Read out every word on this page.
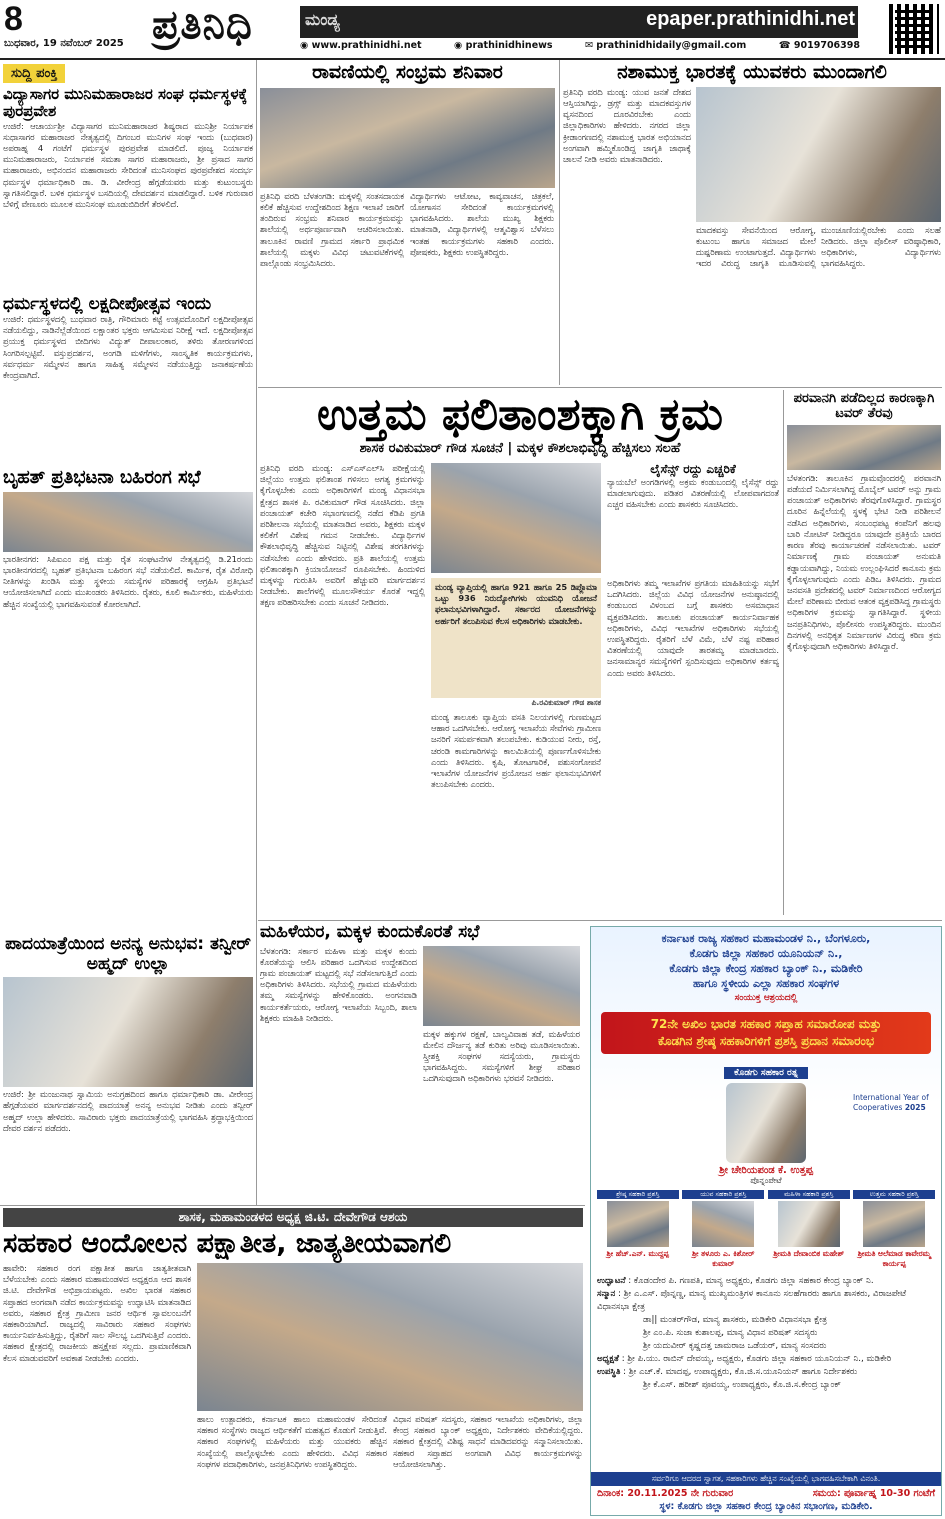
8
ಬುಧವಾರ, 19 ನವೆಂಬರ್ 2025 ಪ್ರತಿನಿಧಿ	ಮಂಡ್ಯ	epaper.prathinidhi.net
◉ www.prathinidhi.net	◉ prathinidhinews	✉ prathinidhidaily@gmail.com	☎ 9019706398
ಸುದ್ದಿ ಪಂಕ್ತಿ
ವಿದ್ಯಾಸಾಗರ ಮುನಿಮಹಾರಾಜರ ಸಂಘ ಧರ್ಮಸ್ಥಳಕ್ಕೆ ಪುರಪ್ರವೇಶ
ಉಜಿರೆ: ಆಚಾರ್ಯಶ್ರೀ ವಿದ್ಯಾಸಾಗರ ಮುನಿಮಹಾರಾಜರ ಶಿಷ್ಯರಾದ ಮುನಿಶ್ರೀ ನಿರ್ಯಾಪಕ ಸುಧಾಸಾಗರ ಮಹಾರಾಜರ ನೇತೃತ್ವದಲ್ಲಿ ದಿಗಂಬರ ಮುನಿಗಳ ಸಂಘ ಇಂದು (ಬುಧವಾರ) ಅಪರಾಹ್ನ 4 ಗಂಟೆಗೆ ಧರ್ಮಸ್ಥಳ ಪುರಪ್ರವೇಶ ಮಾಡಲಿದೆ. ಪೂಜ್ಯ ನಿರ್ಯಾಪಕ ಮುನಿಮಹಾರಾಜರು, ನಿರ್ಯಾಪಕ ಸಮತಾ ಸಾಗರ ಮಹಾರಾಜರು, ಶ್ರೀ ಪ್ರಸಾದ ಸಾಗರ ಮಹಾರಾಜರು, ಅಭಿನಂದನ ಮಹಾರಾಜರು ಸೇರಿದಂತೆ ಮುನಿಸಂಘದ ಪುರಪ್ರವೇಶದ ಸಂದರ್ಭ ಧರ್ಮಸ್ಥಳ ಧರ್ಮಾಧಿಕಾರಿ ಡಾ. ಡಿ. ವೀರೇಂದ್ರ ಹೆಗ್ಗಡೆಯವರು ಮತ್ತು ಕುಟುಂಬಸ್ಥರು ಸ್ವಾಗತಿಸಲಿದ್ದಾರೆ. ಬಳಿಕ ಧರ್ಮಸ್ಥಳ ಬಸದಿಯಲ್ಲಿ ದೇವದರ್ಶನ ಮಾಡಲಿದ್ದಾರೆ. ಬಳಿಕ ಗುರುವಾರ ಬೆಳಿಗ್ಗೆ ವೇಣೂರು ಮೂಲಕ ಮುನಿಸಂಘ ಮೂಡುಬಿದಿರೆಗೆ ತೆರಳಲಿದೆ.
ಧರ್ಮಸ್ಥಳದಲ್ಲಿ ಲಕ್ಷದೀಪೋತ್ಸವ ಇಂದು
ಉಜಿರೆ: ಧರ್ಮಸ್ಥಳದಲ್ಲಿ ಬುಧವಾರ ರಾತ್ರಿ, ಗೌರಿಮಾರು ಕಟ್ಟೆ ಉತ್ಸವದೊಂದಿಗೆ ಲಕ್ಷದೀಪೋತ್ಸವ ನಡೆಯಲಿದ್ದು, ನಾಡಿನೆಲ್ಲೆಡೆಯಿಂದ ಲಕ್ಷಾಂತರ ಭಕ್ತರು ಆಗಮಿಸುವ ನಿರೀಕ್ಷೆ ಇದೆ. ಲಕ್ಷದೀಪೋತ್ಸವ ಪ್ರಯುಕ್ತ ಧರ್ಮಸ್ಥಳದ ಬೀದಿಗಳು ವಿದ್ಯುತ್ ದೀಪಾಲಂಕಾರ, ತಳಿರು ತೋರಣಗಳಿಂದ ಸಿಂಗರಿಸಲ್ಪಟ್ಟಿವೆ. ವಸ್ತುಪ್ರದರ್ಶನ, ಅಂಗಡಿ ಮಳಿಗೆಗಳು, ಸಾಂಸ್ಕೃತಿಕ ಕಾರ್ಯಕ್ರಮಗಳು, ಸರ್ವಧರ್ಮ ಸಮ್ಮೇಳನ ಹಾಗೂ ಸಾಹಿತ್ಯ ಸಮ್ಮೇಳನ ನಡೆಯುತ್ತಿದ್ದು ಜನಾಕರ್ಷಣೆಯ ಕೇಂದ್ರವಾಗಿದೆ.
ಬೃಹತ್ ಪ್ರತಿಭಟನಾ ಬಹಿರಂಗ ಸಭೆ
ಭಾರತೀನಗರ: ಸಿಪಿಐಎಂ ಪಕ್ಷ ಮತ್ತು ರೈತ ಸಂಘಟನೆಗಳ ನೇತೃತ್ವದಲ್ಲಿ ಡಿ.21ರಂದು ಭಾರತೀನಗರದಲ್ಲಿ ಬೃಹತ್ ಪ್ರತಿಭಟನಾ ಬಹಿರಂಗ ಸಭೆ ನಡೆಯಲಿದೆ. ಕಾರ್ಮಿಕ, ರೈತ ವಿರೋಧಿ ನೀತಿಗಳನ್ನು ಖಂಡಿಸಿ ಮತ್ತು ಸ್ಥಳೀಯ ಸಮಸ್ಯೆಗಳ ಪರಿಹಾರಕ್ಕೆ ಆಗ್ರಹಿಸಿ ಪ್ರತಿಭಟನೆ ಆಯೋಜಿಸಲಾಗಿದೆ ಎಂದು ಮುಖಂಡರು ತಿಳಿಸಿದರು. ರೈತರು, ಕೂಲಿ ಕಾರ್ಮಿಕರು, ಮಹಿಳೆಯರು ಹೆಚ್ಚಿನ ಸಂಖ್ಯೆಯಲ್ಲಿ ಭಾಗವಹಿಸುವಂತೆ ಕೋರಲಾಗಿದೆ.
ಪಾದಯಾತ್ರೆಯಿಂದ ಅನನ್ಯ ಅನುಭವ: ತನ್ವೀರ್ ಅಹ್ಮದ್ ಉಲ್ಲಾ
ಉಜಿರೆ: ಶ್ರೀ ಮಂಜುನಾಥ ಸ್ವಾಮಿಯ ಅನುಗ್ರಹದಿಂದ ಹಾಗೂ ಧರ್ಮಾಧಿಕಾರಿ ಡಾ. ವೀರೇಂದ್ರ ಹೆಗ್ಗಡೆಯವರ ಮಾರ್ಗದರ್ಶನದಲ್ಲಿ ಪಾದಯಾತ್ರೆ ಅನನ್ಯ ಅನುಭವ ನೀಡಿತು ಎಂದು ತನ್ವೀರ್ ಅಹ್ಮದ್ ಉಲ್ಲಾ ಹೇಳಿದರು. ಸಾವಿರಾರು ಭಕ್ತರು ಪಾದಯಾತ್ರೆಯಲ್ಲಿ ಭಾಗವಹಿಸಿ ಶ್ರದ್ಧಾಭಕ್ತಿಯಿಂದ ದೇವರ ದರ್ಶನ ಪಡೆದರು.
ರಾವಣಿಯಲ್ಲಿ ಸಂಭ್ರಮ ಶನಿವಾರ
ಪ್ರತಿನಿಧಿ ವರದಿ ಬೆಳತಂಗಡಿ: ಮಕ್ಕಳಲ್ಲಿ ಸಂತಸದಾಯಕ ಕಲಿಕೆ ಹೆಚ್ಚಿಸುವ ಉದ್ದೇಶದಿಂದ ಶಿಕ್ಷಣ ಇಲಾಖೆ ಜಾರಿಗೆ ತಂದಿರುವ ಸಂಭ್ರಮ ಶನಿವಾರ ಕಾರ್ಯಕ್ರಮವನ್ನು ಶಾಲೆಯಲ್ಲಿ ಅರ್ಥಪೂರ್ಣವಾಗಿ ಆಚರಿಸಲಾಯಿತು. ತಾಲೂಕಿನ ರಾವಣಿ ಗ್ರಾಮದ ಸರ್ಕಾರಿ ಪ್ರಾಥಮಿಕ ಶಾಲೆಯಲ್ಲಿ ಮಕ್ಕಳು ವಿವಿಧ ಚಟುವಟಿಕೆಗಳಲ್ಲಿ ಪಾಲ್ಗೊಂಡು ಸಂಭ್ರಮಿಸಿದರು.
ವಿದ್ಯಾರ್ಥಿಗಳು ಆಟೋಟ, ಕಾವ್ಯವಾಚನ, ಚಿತ್ರಕಲೆ, ಯೋಗಾಸನ ಸೇರಿದಂತೆ ಕಾರ್ಯಕ್ರಮಗಳಲ್ಲಿ ಭಾಗವಹಿಸಿದರು. ಶಾಲೆಯ ಮುಖ್ಯ ಶಿಕ್ಷಕರು ಮಾತನಾಡಿ, ವಿದ್ಯಾರ್ಥಿಗಳಲ್ಲಿ ಆತ್ಮವಿಶ್ವಾಸ ಬೆಳೆಸಲು ಇಂತಹ ಕಾರ್ಯಕ್ರಮಗಳು ಸಹಕಾರಿ ಎಂದರು. ಪೋಷಕರು, ಶಿಕ್ಷಕರು ಉಪಸ್ಥಿತರಿದ್ದರು.
ನಶಾಮುಕ್ತ ಭಾರತಕ್ಕೆ ಯುವಕರು ಮುಂದಾಗಲಿ
ಪ್ರತಿನಿಧಿ ವರದಿ ಮಂಡ್ಯ: ಯುವ ಜನತೆ ದೇಶದ ಆಸ್ತಿಯಾಗಿದ್ದು, ಡ್ರಗ್ಸ್ ಮತ್ತು ಮಾದಕವಸ್ತುಗಳ ವ್ಯಸನದಿಂದ ದೂರವಿರಬೇಕು ಎಂದು ಜಿಲ್ಲಾಧಿಕಾರಿಗಳು ಹೇಳಿದರು. ನಗರದ ಜಿಲ್ಲಾ ಕ್ರೀಡಾಂಗಣದಲ್ಲಿ ನಶಾಮುಕ್ತ ಭಾರತ ಅಭಿಯಾನದ ಅಂಗವಾಗಿ ಹಮ್ಮಿಕೊಂಡಿದ್ದ ಜಾಗೃತಿ ಜಾಥಾಕ್ಕೆ ಚಾಲನೆ ನೀಡಿ ಅವರು ಮಾತನಾಡಿದರು.
ಮಾದಕವಸ್ತು ಸೇವನೆಯಿಂದ ಆರೋಗ್ಯ, ಕುಟುಂಬ ಹಾಗೂ ಸಮಾಜದ ಮೇಲೆ ದುಷ್ಪರಿಣಾಮ ಉಂಟಾಗುತ್ತದೆ. ವಿದ್ಯಾರ್ಥಿಗಳು ಇದರ ವಿರುದ್ಧ ಜಾಗೃತಿ ಮೂಡಿಸುವಲ್ಲಿ ಮುಂಚೂಣಿಯಲ್ಲಿರಬೇಕು ಎಂದು ಸಲಹೆ ನೀಡಿದರು. ಜಿಲ್ಲಾ ಪೊಲೀಸ್ ವರಿಷ್ಠಾಧಿಕಾರಿ, ಅಧಿಕಾರಿಗಳು, ವಿದ್ಯಾರ್ಥಿಗಳು ಭಾಗವಹಿಸಿದ್ದರು.
ಉತ್ತಮ ಫಲಿತಾಂಶಕ್ಕಾಗಿ ಕ್ರಮ
ಶಾಸಕ ರವಿಕುಮಾರ್ ಗೌಡ ಸೂಚನೆ | ಮಕ್ಕಳ ಕೌಶಲಾಭಿವೃದ್ಧಿ ಹೆಚ್ಚಿಸಲು ಸಲಹೆ
ಪ್ರತಿನಿಧಿ ವರದಿ ಮಂಡ್ಯ: ಎಸ್ಎಸ್ಎಲ್‌ಸಿ ಪರೀಕ್ಷೆಯಲ್ಲಿ ಜಿಲ್ಲೆಯು ಉತ್ತಮ ಫಲಿತಾಂಶ ಗಳಿಸಲು ಅಗತ್ಯ ಕ್ರಮಗಳನ್ನು ಕೈಗೊಳ್ಳಬೇಕು ಎಂದು ಅಧಿಕಾರಿಗಳಿಗೆ ಮಂಡ್ಯ ವಿಧಾನಸಭಾ ಕ್ಷೇತ್ರದ ಶಾಸಕ ಪಿ. ರವಿಕುಮಾರ್ ಗೌಡ ಸೂಚಿಸಿದರು. ಜಿಲ್ಲಾ ಪಂಚಾಯತ್ ಕಚೇರಿ ಸಭಾಂಗಣದಲ್ಲಿ ನಡೆದ ಕೆಡಿಪಿ ಪ್ರಗತಿ ಪರಿಶೀಲನಾ ಸಭೆಯಲ್ಲಿ ಮಾತನಾಡಿದ ಅವರು, ಶಿಕ್ಷಕರು ಮಕ್ಕಳ ಕಲಿಕೆಗೆ ವಿಶೇಷ ಗಮನ ನೀಡಬೇಕು. ವಿದ್ಯಾರ್ಥಿಗಳ ಕೌಶಲಾಭಿವೃದ್ಧಿ ಹೆಚ್ಚಿಸುವ ನಿಟ್ಟಿನಲ್ಲಿ ವಿಶೇಷ ತರಗತಿಗಳನ್ನು ನಡೆಸಬೇಕು ಎಂದು ಹೇಳಿದರು. ಪ್ರತಿ ಶಾಲೆಯಲ್ಲಿ ಉತ್ತಮ ಫಲಿತಾಂಶಕ್ಕಾಗಿ ಕ್ರಿಯಾಯೋಜನೆ ರೂಪಿಸಬೇಕು. ಹಿಂದುಳಿದ ಮಕ್ಕಳನ್ನು ಗುರುತಿಸಿ ಅವರಿಗೆ ಹೆಚ್ಚುವರಿ ಮಾರ್ಗದರ್ಶನ ನೀಡಬೇಕು. ಶಾಲೆಗಳಲ್ಲಿ ಮೂಲಸೌಕರ್ಯ ಕೊರತೆ ಇದ್ದಲ್ಲಿ ತಕ್ಷಣ ಪರಿಹರಿಸಬೇಕು ಎಂದು ಸೂಚನೆ ನೀಡಿದರು.
ಲೈಸೆನ್ಸ್ ರದ್ದು ಎಚ್ಚರಿಕೆ
ನ್ಯಾಯಬೆಲೆ ಅಂಗಡಿಗಳಲ್ಲಿ ಅಕ್ರಮ ಕಂಡುಬಂದಲ್ಲಿ ಲೈಸೆನ್ಸ್ ರದ್ದು ಮಾಡಲಾಗುವುದು. ಪಡಿತರ ವಿತರಣೆಯಲ್ಲಿ ಲೋಪವಾಗದಂತೆ ಎಚ್ಚರ ವಹಿಸಬೇಕು ಎಂದು ಶಾಸಕರು ಸೂಚಿಸಿದರು.
ಮಂಡ್ಯ ವ್ಯಾಪ್ತಿಯಲ್ಲಿ ಹಾಗೂ 921 ಹಾಗೂ 25 ಡಿಪ್ಲೊಮಾ ಒಟ್ಟು 936 ನಿರುದ್ಯೋಗಿಗಳು ಯುವನಿಧಿ ಯೋಜನೆ ಫಲಾನುಭವಿಗಳಾಗಿದ್ದಾರೆ. ಸರ್ಕಾರದ ಯೋಜನೆಗಳನ್ನು ಅರ್ಹರಿಗೆ ತಲುಪಿಸುವ ಕೆಲಸ ಅಧಿಕಾರಿಗಳು ಮಾಡಬೇಕು.
ಪಿ.ರವಿಕುಮಾರ್ ಗೌಡ ಶಾಸಕ
ಮಂಡ್ಯ ತಾಲೂಕು ವ್ಯಾಪ್ತಿಯ ವಸತಿ ನಿಲಯಗಳಲ್ಲಿ ಗುಣಮಟ್ಟದ ಆಹಾರ ಒದಗಿಸಬೇಕು. ಆರೋಗ್ಯ ಇಲಾಖೆಯ ಸೇವೆಗಳು ಗ್ರಾಮೀಣ ಜನರಿಗೆ ಸಮರ್ಪಕವಾಗಿ ತಲುಪಬೇಕು. ಕುಡಿಯುವ ನೀರು, ರಸ್ತೆ, ಚರಂಡಿ ಕಾಮಗಾರಿಗಳನ್ನು ಕಾಲಮಿತಿಯಲ್ಲಿ ಪೂರ್ಣಗೊಳಿಸಬೇಕು ಎಂದು ತಿಳಿಸಿದರು. ಕೃಷಿ, ತೋಟಗಾರಿಕೆ, ಪಶುಸಂಗೋಪನೆ ಇಲಾಖೆಗಳ ಯೋಜನೆಗಳ ಪ್ರಯೋಜನ ಅರ್ಹ ಫಲಾನುಭವಿಗಳಿಗೆ ತಲುಪಿಸಬೇಕು ಎಂದರು.
ಅಧಿಕಾರಿಗಳು ತಮ್ಮ ಇಲಾಖೆಗಳ ಪ್ರಗತಿಯ ಮಾಹಿತಿಯನ್ನು ಸಭೆಗೆ ಒದಗಿಸಿದರು. ಜಿಲ್ಲೆಯ ವಿವಿಧ ಯೋಜನೆಗಳ ಅನುಷ್ಠಾನದಲ್ಲಿ ಕಂಡುಬಂದ ವಿಳಂಬದ ಬಗ್ಗೆ ಶಾಸಕರು ಅಸಮಾಧಾನ ವ್ಯಕ್ತಪಡಿಸಿದರು. ತಾಲೂಕು ಪಂಚಾಯತ್ ಕಾರ್ಯನಿರ್ವಾಹಕ ಅಧಿಕಾರಿಗಳು, ವಿವಿಧ ಇಲಾಖೆಗಳ ಅಧಿಕಾರಿಗಳು ಸಭೆಯಲ್ಲಿ ಉಪಸ್ಥಿತರಿದ್ದರು. ರೈತರಿಗೆ ಬೆಳೆ ವಿಮೆ, ಬೆಳೆ ನಷ್ಟ ಪರಿಹಾರ ವಿತರಣೆಯಲ್ಲಿ ಯಾವುದೇ ತಾರತಮ್ಯ ಮಾಡಬಾರದು. ಜನಸಾಮಾನ್ಯರ ಸಮಸ್ಯೆಗಳಿಗೆ ಸ್ಪಂದಿಸುವುದು ಅಧಿಕಾರಿಗಳ ಕರ್ತವ್ಯ ಎಂದು ಅವರು ತಿಳಿಸಿದರು.
ಪರವಾನಗಿ ಪಡೆದಿಲ್ಲದ ಕಾರಣಕ್ಕಾಗಿ ಟವರ್ ತೆರವು
ಬೆಳತಂಗಡಿ: ತಾಲೂಕಿನ ಗ್ರಾಮವೊಂದರಲ್ಲಿ ಪರವಾನಗಿ ಪಡೆಯದೆ ನಿರ್ಮಿಸಲಾಗಿದ್ದ ಮೊಬೈಲ್ ಟವರ್ ಅನ್ನು ಗ್ರಾಮ ಪಂಚಾಯತ್ ಅಧಿಕಾರಿಗಳು ತೆರವುಗೊಳಿಸಿದ್ದಾರೆ. ಗ್ರಾಮಸ್ಥರ ದೂರಿನ ಹಿನ್ನೆಲೆಯಲ್ಲಿ ಸ್ಥಳಕ್ಕೆ ಭೇಟಿ ನೀಡಿ ಪರಿಶೀಲನೆ ನಡೆಸಿದ ಅಧಿಕಾರಿಗಳು, ಸಂಬಂಧಪಟ್ಟ ಕಂಪೆನಿಗೆ ಹಲವು ಬಾರಿ ನೋಟಿಸ್ ನೀಡಿದ್ದರೂ ಯಾವುದೇ ಪ್ರತಿಕ್ರಿಯೆ ಬಾರದ ಕಾರಣ ತೆರವು ಕಾರ್ಯಾಚರಣೆ ನಡೆಸಲಾಯಿತು. ಟವರ್ ನಿರ್ಮಾಣಕ್ಕೆ ಗ್ರಾಮ ಪಂಚಾಯತ್ ಅನುಮತಿ ಕಡ್ಡಾಯವಾಗಿದ್ದು, ನಿಯಮ ಉಲ್ಲಂಘಿಸಿದರೆ ಕಾನೂನು ಕ್ರಮ ಕೈಗೊಳ್ಳಲಾಗುವುದು ಎಂದು ಪಿಡಿಒ ತಿಳಿಸಿದರು. ಗ್ರಾಮದ ಜನವಸತಿ ಪ್ರದೇಶದಲ್ಲಿ ಟವರ್ ನಿರ್ಮಾಣದಿಂದ ಆರೋಗ್ಯದ ಮೇಲೆ ಪರಿಣಾಮ ಬೀರುವ ಆತಂಕ ವ್ಯಕ್ತಪಡಿಸಿದ್ದ ಗ್ರಾಮಸ್ಥರು ಅಧಿಕಾರಿಗಳ ಕ್ರಮವನ್ನು ಸ್ವಾಗತಿಸಿದ್ದಾರೆ. ಸ್ಥಳೀಯ ಜನಪ್ರತಿನಿಧಿಗಳು, ಪೊಲೀಸರು ಉಪಸ್ಥಿತರಿದ್ದರು. ಮುಂದಿನ ದಿನಗಳಲ್ಲಿ ಅನಧಿಕೃತ ನಿರ್ಮಾಣಗಳ ವಿರುದ್ಧ ಕಠಿಣ ಕ್ರಮ ಕೈಗೊಳ್ಳುವುದಾಗಿ ಅಧಿಕಾರಿಗಳು ತಿಳಿಸಿದ್ದಾರೆ.
ಮಹಿಳೆಯರ, ಮಕ್ಕಳ ಕುಂದುಕೊರತೆ ಸಭೆ
ಬೆಳತಂಗಡಿ: ಸರ್ಕಾರ ಮಹಿಳಾ ಮತ್ತು ಮಕ್ಕಳ ಕುಂದು ಕೊರತೆಯನ್ನು ಆಲಿಸಿ ಪರಿಹಾರ ಒದಗಿಸುವ ಉದ್ದೇಶದಿಂದ ಗ್ರಾಮ ಪಂಚಾಯತ್ ಮಟ್ಟದಲ್ಲಿ ಸಭೆ ನಡೆಸಲಾಗುತ್ತಿದೆ ಎಂದು ಅಧಿಕಾರಿಗಳು ತಿಳಿಸಿದರು. ಸಭೆಯಲ್ಲಿ ಗ್ರಾಮದ ಮಹಿಳೆಯರು ತಮ್ಮ ಸಮಸ್ಯೆಗಳನ್ನು ಹೇಳಿಕೊಂಡರು. ಅಂಗನವಾಡಿ ಕಾರ್ಯಕರ್ತೆಯರು, ಆರೋಗ್ಯ ಇಲಾಖೆಯ ಸಿಬ್ಬಂದಿ, ಶಾಲಾ ಶಿಕ್ಷಕರು ಮಾಹಿತಿ ನೀಡಿದರು.
ಮಕ್ಕಳ ಹಕ್ಕುಗಳ ರಕ್ಷಣೆ, ಬಾಲ್ಯವಿವಾಹ ತಡೆ, ಮಹಿಳೆಯರ ಮೇಲಿನ ದೌರ್ಜನ್ಯ ತಡೆ ಕುರಿತು ಅರಿವು ಮೂಡಿಸಲಾಯಿತು. ಸ್ತ್ರೀಶಕ್ತಿ ಸಂಘಗಳ ಸದಸ್ಯೆಯರು, ಗ್ರಾಮಸ್ಥರು ಭಾಗವಹಿಸಿದ್ದರು. ಸಮಸ್ಯೆಗಳಿಗೆ ಶೀಘ್ರ ಪರಿಹಾರ ಒದಗಿಸುವುದಾಗಿ ಅಧಿಕಾರಿಗಳು ಭರವಸೆ ನೀಡಿದರು.
ಕರ್ನಾಟಕ ರಾಜ್ಯ ಸಹಕಾರ ಮಹಾಮಂಡಳ ನಿ., ಬೆಂಗಳೂರು,
ಕೊಡಗು ಜಿಲ್ಲಾ ಸಹಕಾರ ಯೂನಿಯನ್ ನಿ.,
ಕೊಡಗು ಜಿಲ್ಲಾ ಕೇಂದ್ರ ಸಹಕಾರ ಬ್ಯಾಂಕ್ ನಿ., ಮಡಿಕೇರಿ
ಹಾಗೂ ಸ್ಥಳೀಯ ಎಲ್ಲಾ ಸಹಕಾರ ಸಂಘಗಳ
ಸಂಯುಕ್ತ ಆಶ್ರಯದಲ್ಲಿ
72ನೇ ಅಖಿಲ ಭಾರತ ಸಹಕಾರ ಸಪ್ತಾಹ ಸಮಾರೋಪ ಮತ್ತು
ಕೊಡಗಿನ ಶ್ರೇಷ್ಠ ಸಹಕಾರಿಗಳಿಗೆ ಪ್ರಶಸ್ತಿ ಪ್ರದಾನ ಸಮಾರಂಭ
ಕೊಡಗು ಸಹಕಾರ ರತ್ನ
International Year of Cooperatives 2025
ಶ್ರೀ ಚೇರಿಯಪಂಡ ಕೆ. ಉತ್ತಪ್ಪ
ಪೊನ್ನಂಪೇಟೆ
ಶ್ರೇಷ್ಠ ಸಹಕಾರಿ ಪ್ರಶಸ್ತಿ
ಶ್ರೀ ಹೆಚ್.ಎನ್. ಮುದ್ದಪ್ಪ
ಯುವ ಸಹಕಾರಿ ಪ್ರಶಸ್ತಿ
ಶ್ರೀ ತಳೂರು ಎ. ಕಿಶೋರ್ ಕುಮಾರ್
ಮಹಿಳಾ ಸಹಕಾರಿ ಪ್ರಶಸ್ತಿ
ಶ್ರೀಮತಿ ದೇವಾಂಬಿಕ ಮಹೇಶ್
ಉತ್ತಮ ಸಹಕಾರಿ ಪ್ರಶಸ್ತಿ
ಶ್ರೀಮತಿ ಆಲೆಮಾಡ ಕಾವೇರಮ್ಮ ಕಾರ್ಯಪ್ಪ
ಉದ್ಘಾಟನೆ : ಕೊಡಂದೇರ ಪಿ. ಗಣಪತಿ, ಮಾನ್ಯ ಅಧ್ಯಕ್ಷರು, ಕೊಡಗು ಜಿಲ್ಲಾ ಸಹಕಾರ ಕೇಂದ್ರ ಬ್ಯಾಂಕ್ ನಿ.
ಸನ್ಮಾನ : ಶ್ರೀ ಎ.ಎಸ್. ಪೊನ್ನಣ್ಣ, ಮಾನ್ಯ ಮುಖ್ಯಮಂತ್ರಿಗಳ ಕಾನೂನು ಸಲಹೆಗಾರರು ಹಾಗೂ ಶಾಸಕರು, ವಿರಾಜಪೇಟೆ ವಿಧಾನಸಭಾ ಕ್ಷೇತ್ರ
ಡಾ|| ಮಂತರ್‌ಗೌಡ, ಮಾನ್ಯ ಶಾಸಕರು, ಮಡಿಕೇರಿ ವಿಧಾನಸಭಾ ಕ್ಷೇತ್ರ
ಶ್ರೀ ಎಂ.ಪಿ. ಸುಜಾ ಕುಶಾಲಪ್ಪ, ಮಾನ್ಯ ವಿಧಾನ ಪರಿಷತ್ ಸದಸ್ಯರು
ಶ್ರೀ ಯದುವೀರ್ ಕೃಷ್ಣದತ್ತ ಚಾಮರಾಜ ಒಡೆಯರ್, ಮಾನ್ಯ ಸಂಸದರು
ಅಧ್ಯಕ್ಷತೆ : ಶ್ರೀ ಪಿ.ಯು. ರಾಬಿನ್ ದೇವಯ್ಯ, ಅಧ್ಯಕ್ಷರು, ಕೊಡಗು ಜಿಲ್ಲಾ ಸಹಕಾರ ಯೂನಿಯನ್ ನಿ., ಮಡಿಕೇರಿ
ಉಪಸ್ಥಿತಿ : ಶ್ರೀ ಎಚ್.ಕೆ. ಮಾದಪ್ಪ, ಉಪಾಧ್ಯಕ್ಷರು, ಕೊ.ಜಿ.ಸ.ಯೂನಿಯನ್ ಹಾಗೂ ನಿರ್ದೇಶಕರು
ಶ್ರೀ ಕೆ.ಎಸ್. ಹರೀಶ್ ಪೂವಯ್ಯ, ಉಪಾಧ್ಯಕ್ಷರು, ಕೊ.ಜಿ.ಸ.ಕೇಂದ್ರ ಬ್ಯಾಂಕ್
ಸರ್ವರಿಗೂ ಆದರದ ಸ್ವಾಗತ, ಸಹಕಾರಿಗಳು ಹೆಚ್ಚಿನ ಸಂಖ್ಯೆಯಲ್ಲಿ ಭಾಗವಹಿಸಬೇಕಾಗಿ ವಿನಂತಿ.
ದಿನಾಂಕ: 20.11.2025 ನೇ ಗುರುವಾರ	ಸಮಯ: ಪೂರ್ವಾಹ್ನ 10-30 ಗಂಟೆಗೆ
ಸ್ಥಳ: ಕೊಡಗು ಜಿಲ್ಲಾ ಸಹಕಾರ ಕೇಂದ್ರ ಬ್ಯಾಂಕಿನ ಸಭಾಂಗಣ, ಮಡಿಕೇರಿ.
ಶಾಸಕ, ಮಹಾಮಂಡಳದ ಅಧ್ಯಕ್ಷ ಜಿ.ಟಿ. ದೇವೇಗೌಡ ಆಶಯ
ಸಹಕಾರ ಆಂದೋಲನ ಪಕ್ಷಾತೀತ, ಜಾತ್ಯತೀಯವಾಗಲಿ
ಹಾವೇರಿ: ಸಹಕಾರ ರಂಗ ಪಕ್ಷಾತೀತ ಹಾಗೂ ಜಾತ್ಯತೀತವಾಗಿ ಬೆಳೆಯಬೇಕು ಎಂದು ಸಹಕಾರ ಮಹಾಮಂಡಳದ ಅಧ್ಯಕ್ಷರೂ ಆದ ಶಾಸಕ ಜಿ.ಟಿ. ದೇವೇಗೌಡ ಅಭಿಪ್ರಾಯಪಟ್ಟರು. ಅಖಿಲ ಭಾರತ ಸಹಕಾರ ಸಪ್ತಾಹದ ಅಂಗವಾಗಿ ನಡೆದ ಕಾರ್ಯಕ್ರಮವನ್ನು ಉದ್ಘಾಟಿಸಿ ಮಾತನಾಡಿದ ಅವರು, ಸಹಕಾರ ಕ್ಷೇತ್ರ ಗ್ರಾಮೀಣ ಜನರ ಆರ್ಥಿಕ ಸ್ವಾವಲಂಬನೆಗೆ ಸಹಕಾರಿಯಾಗಿದೆ. ರಾಜ್ಯದಲ್ಲಿ ಸಾವಿರಾರು ಸಹಕಾರ ಸಂಘಗಳು ಕಾರ್ಯನಿರ್ವಹಿಸುತ್ತಿದ್ದು, ರೈತರಿಗೆ ಸಾಲ ಸೌಲಭ್ಯ ಒದಗಿಸುತ್ತಿವೆ ಎಂದರು. ಸಹಕಾರ ಕ್ಷೇತ್ರದಲ್ಲಿ ರಾಜಕೀಯ ಹಸ್ತಕ್ಷೇಪ ಸಲ್ಲದು. ಪ್ರಾಮಾಣಿಕವಾಗಿ ಕೆಲಸ ಮಾಡುವವರಿಗೆ ಅವಕಾಶ ನೀಡಬೇಕು ಎಂದರು.
ಹಾಲು ಉತ್ಪಾದಕರು, ಕರ್ನಾಟಕ ಹಾಲು ಮಹಾಮಂಡಳ ಸೇರಿದಂತೆ ಸಹಕಾರ ಸಂಸ್ಥೆಗಳು ರಾಜ್ಯದ ಆರ್ಥಿಕತೆಗೆ ಮಹತ್ವದ ಕೊಡುಗೆ ನೀಡುತ್ತಿವೆ. ಸಹಕಾರ ಸಂಘಗಳಲ್ಲಿ ಮಹಿಳೆಯರು ಮತ್ತು ಯುವಕರು ಹೆಚ್ಚಿನ ಸಂಖ್ಯೆಯಲ್ಲಿ ಪಾಲ್ಗೊಳ್ಳಬೇಕು ಎಂದು ಹೇಳಿದರು. ವಿವಿಧ ಸಹಕಾರ ಸಂಘಗಳ ಪದಾಧಿಕಾರಿಗಳು, ಜನಪ್ರತಿನಿಧಿಗಳು ಉಪಸ್ಥಿತರಿದ್ದರು.
ವಿಧಾನ ಪರಿಷತ್ ಸದಸ್ಯರು, ಸಹಕಾರ ಇಲಾಖೆಯ ಅಧಿಕಾರಿಗಳು, ಜಿಲ್ಲಾ ಕೇಂದ್ರ ಸಹಕಾರ ಬ್ಯಾಂಕ್ ಅಧ್ಯಕ್ಷರು, ನಿರ್ದೇಶಕರು ವೇದಿಕೆಯಲ್ಲಿದ್ದರು. ಸಹಕಾರ ಕ್ಷೇತ್ರದಲ್ಲಿ ವಿಶಿಷ್ಟ ಸಾಧನೆ ಮಾಡಿದವರನ್ನು ಸನ್ಮಾನಿಸಲಾಯಿತು. ಸಹಕಾರ ಸಪ್ತಾಹದ ಅಂಗವಾಗಿ ವಿವಿಧ ಕಾರ್ಯಕ್ರಮಗಳನ್ನು ಆಯೋಜಿಸಲಾಗಿತ್ತು.
